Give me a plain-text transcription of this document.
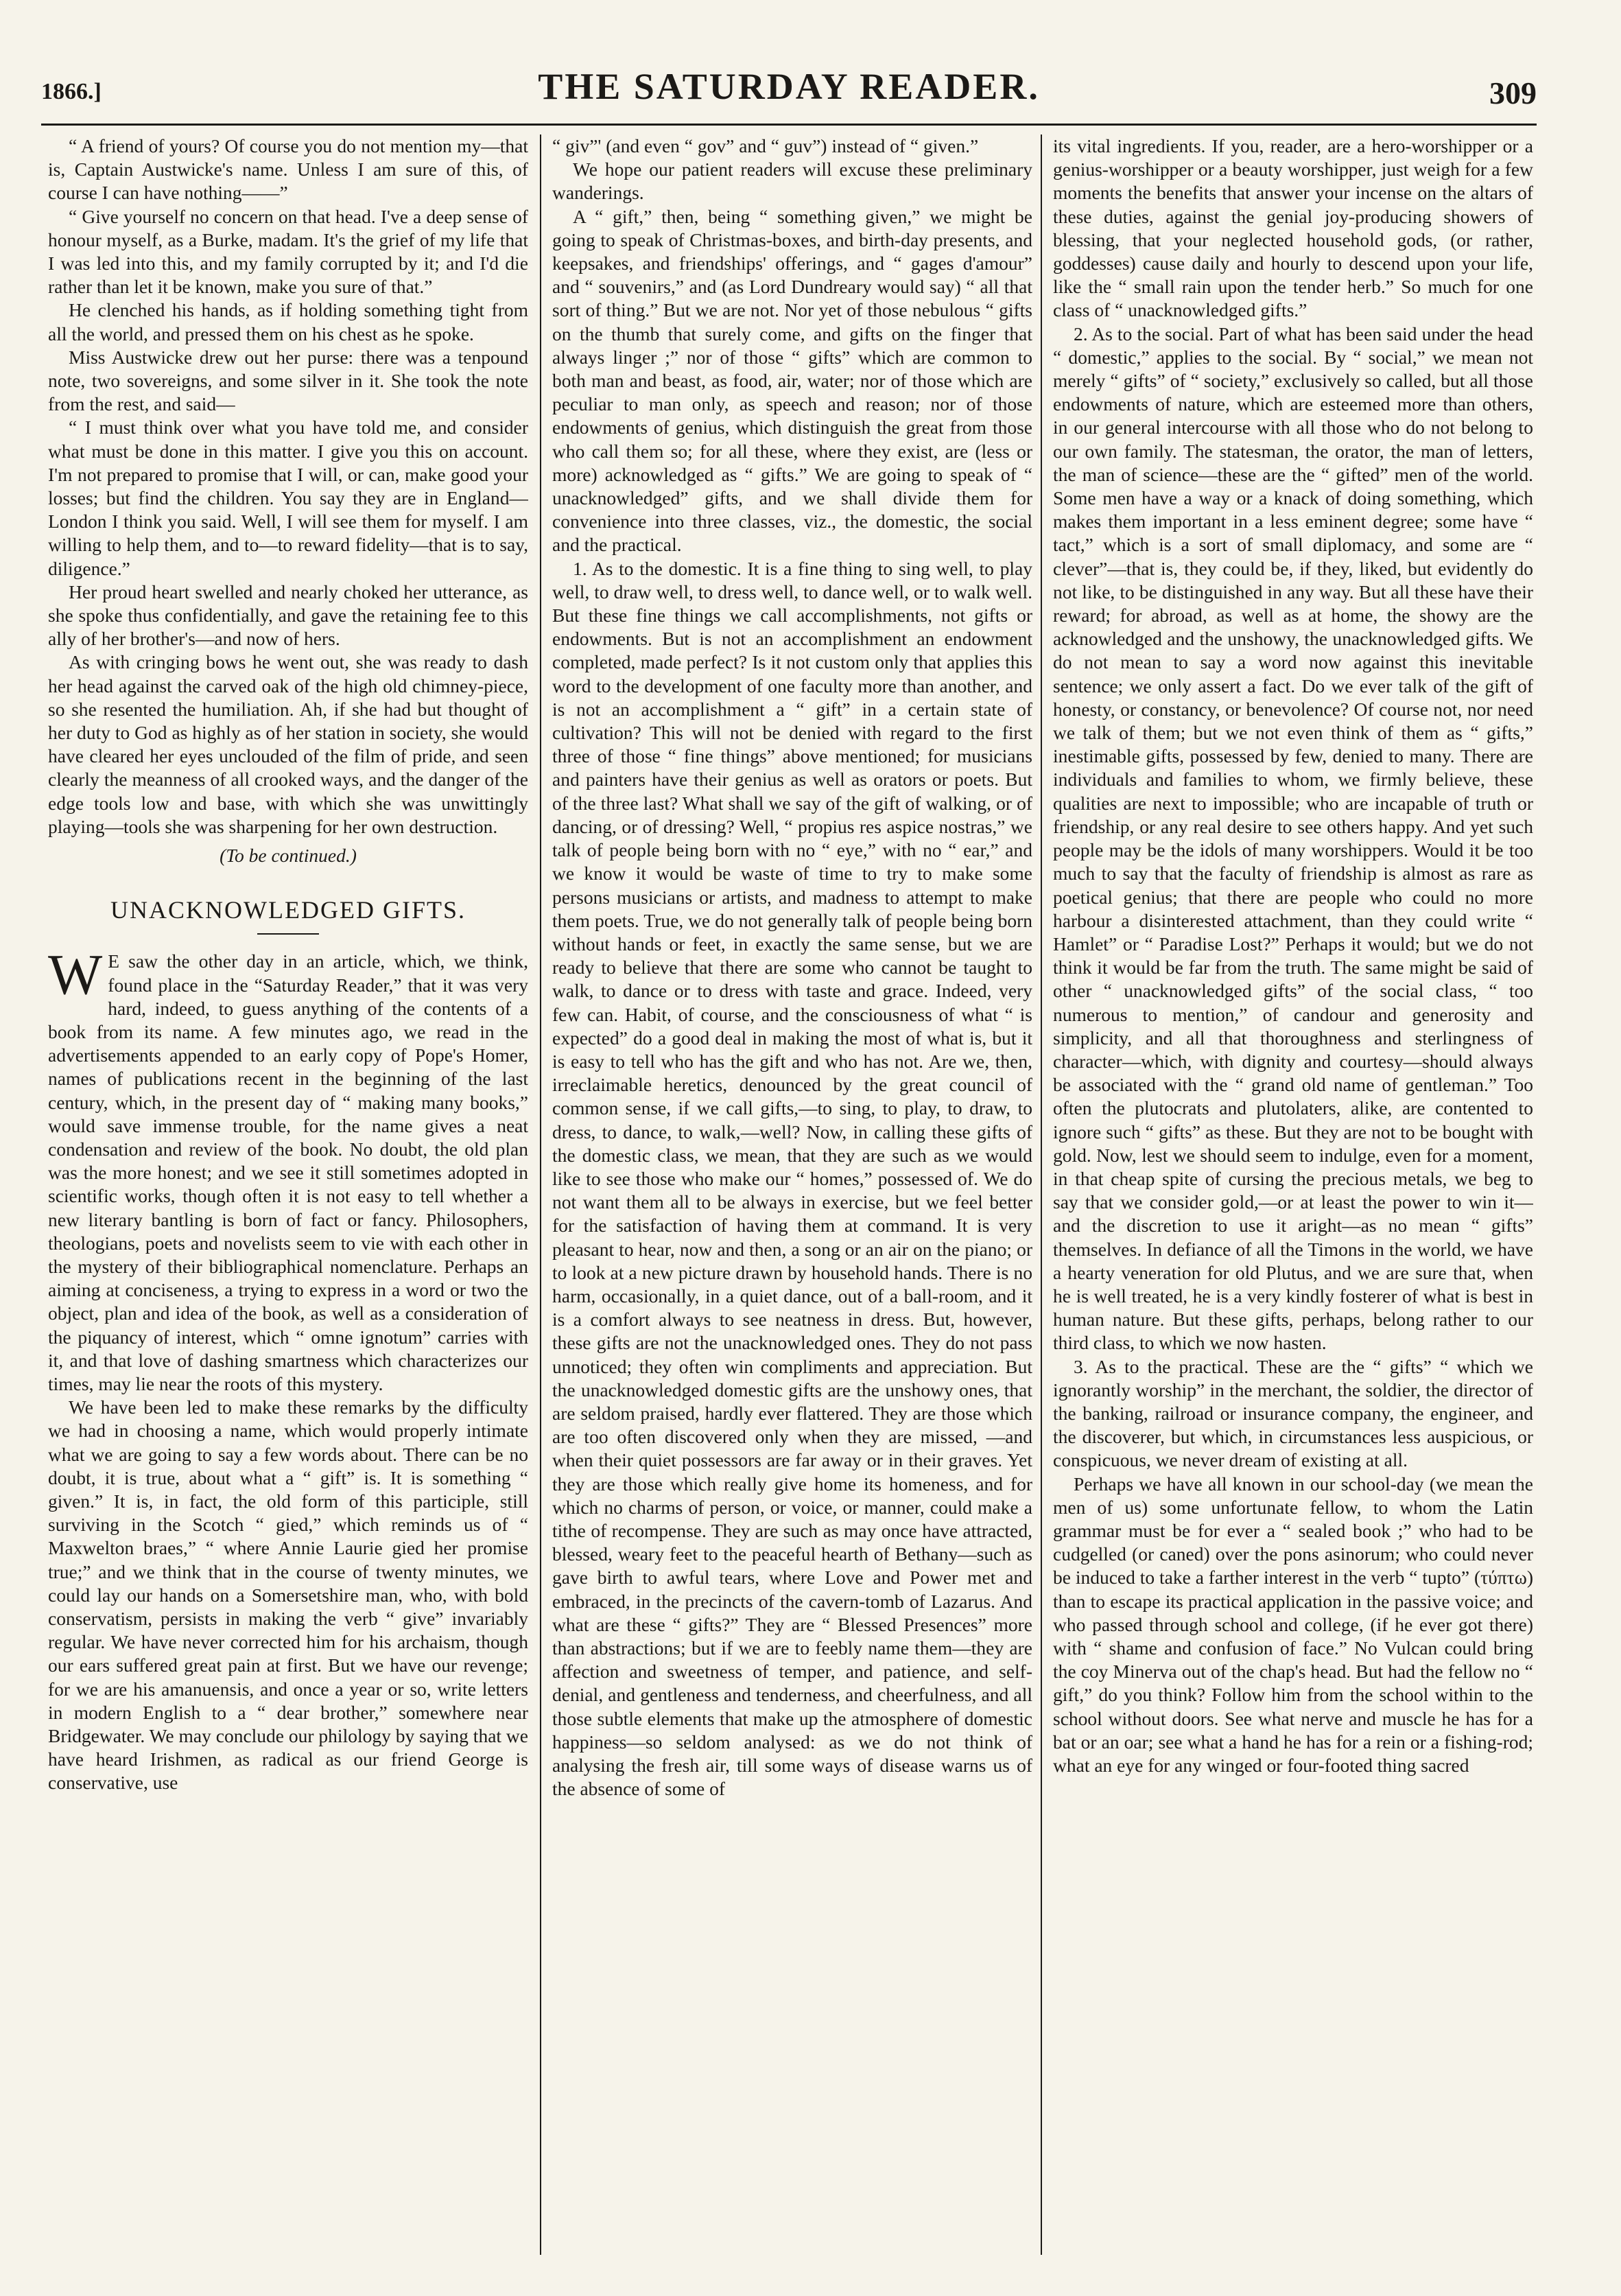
1866.]	THE SATURDAY READER.	309

“ A friend of yours? Of course you do not mention my—that is, Captain Austwicke's name. Unless I am sure of this, of course I can have nothing——”

“ Give yourself no concern on that head. I've a deep sense of honour myself, as a Burke, madam. It's the grief of my life that I was led into this, and my family corrupted by it; and I'd die rather than let it be known, make you sure of that.”

He clenched his hands, as if holding something tight from all the world, and pressed them on his chest as he spoke.

Miss Austwicke drew out her purse: there was a tenpound note, two sovereigns, and some silver in it. She took the note from the rest, and said—

“ I must think over what you have told me, and consider what must be done in this matter. I give you this on account. I'm not prepared to promise that I will, or can, make good your losses; but find the children. You say they are in England—London I think you said. Well, I will see them for myself. I am willing to help them, and to—to reward fidelity—that is to say, diligence.”

Her proud heart swelled and nearly choked her utterance, as she spoke thus confidentially, and gave the retaining fee to this ally of her brother's—and now of hers.

As with cringing bows he went out, she was ready to dash her head against the carved oak of the high old chimney-piece, so she resented the humiliation. Ah, if she had but thought of her duty to God as highly as of her station in society, she would have cleared her eyes unclouded of the film of pride, and seen clearly the meanness of all crooked ways, and the danger of the edge tools low and base, with which she was unwittingly playing—tools she was sharpening for her own destruction.

(To be continued.)

UNACKNOWLEDGED GIFTS.

W E saw the other day in an article, which, we think, found place in the “Saturday Reader,” that it was very hard, indeed, to guess anything of the contents of a book from its name. A few minutes ago, we read in the advertisements appended to an early copy of Pope's Homer, names of publications recent in the beginning of the last century, which, in the present day of “ making many books,” would save immense trouble, for the name gives a neat condensation and review of the book. No doubt, the old plan was the more honest; and we see it still sometimes adopted in scientific works, though often it is not easy to tell whether a new literary bantling is born of fact or fancy. Philosophers, theologians, poets and novelists seem to vie with each other in the mystery of their bibliographical nomenclature. Perhaps an aiming at conciseness, a trying to express in a word or two the object, plan and idea of the book, as well as a consideration of the piquancy of interest, which “ omne ignotum” carries with it, and that love of dashing smartness which characterizes our times, may lie near the roots of this mystery.

We have been led to make these remarks by the difficulty we had in choosing a name, which would properly intimate what we are going to say a few words about. There can be no doubt, it is true, about what a “ gift” is. It is something “ given.” It is, in fact, the old form of this participle, still surviving in the Scotch “ gied,” which reminds us of “ Maxwelton braes,” “ where Annie Laurie gied her promise true;” and we think that in the course of twenty minutes, we could lay our hands on a Somersetshire man, who, with bold conservatism, persists in making the verb “ give” invariably regular. We have never corrected him for his archaism, though our ears suffered great pain at first. But we have our revenge; for we are his amanuensis, and once a year or so, write letters in modern English to a “ dear brother,” somewhere near Bridgewater. We may conclude our philology by saying that we have heard Irishmen, as radical as our friend George is conservative, use

“ giv”' (and even “ gov” and “ guv”) instead of “ given.”

We hope our patient readers will excuse these preliminary wanderings.

A “ gift,” then, being “ something given,” we might be going to speak of Christmas-boxes, and birth-day presents, and keepsakes, and friendships' offerings, and “ gages d'amour” and “ souvenirs,” and (as Lord Dundreary would say) “ all that sort of thing.” But we are not. Nor yet of those nebulous “ gifts on the thumb that surely come, and gifts on the finger that always linger ;” nor of those “ gifts” which are common to both man and beast, as food, air, water; nor of those which are peculiar to man only, as speech and reason; nor of those endowments of genius, which distinguish the great from those who call them so; for all these, where they exist, are (less or more) acknowledged as “ gifts.” We are going to speak of “ unacknowledged” gifts, and we shall divide them for convenience into three classes, viz., the domestic, the social and the practical.

1. As to the domestic. It is a fine thing to sing well, to play well, to draw well, to dress well, to dance well, or to walk well. But these fine things we call accomplishments, not gifts or endowments. But is not an accomplishment an endowment completed, made perfect? Is it not custom only that applies this word to the development of one faculty more than another, and is not an accomplishment a “ gift” in a certain state of cultivation? This will not be denied with regard to the first three of those “ fine things” above mentioned; for musicians and painters have their genius as well as orators or poets. But of the three last? What shall we say of the gift of walking, or of dancing, or of dressing? Well, “ propius res aspice nostras,” we talk of people being born with no “ eye,” with no “ ear,” and we know it would be waste of time to try to make some persons musicians or artists, and madness to attempt to make them poets. True, we do not generally talk of people being born without hands or feet, in exactly the same sense, but we are ready to believe that there are some who cannot be taught to walk, to dance or to dress with taste and grace. Indeed, very few can. Habit, of course, and the consciousness of what “ is expected” do a good deal in making the most of what is, but it is easy to tell who has the gift and who has not. Are we, then, irreclaimable heretics, denounced by the great council of common sense, if we call gifts,—to sing, to play, to draw, to dress, to dance, to walk,—well? Now, in calling these gifts of the domestic class, we mean, that they are such as we would like to see those who make our “ homes,” possessed of. We do not want them all to be always in exercise, but we feel better for the satisfaction of having them at command. It is very pleasant to hear, now and then, a song or an air on the piano; or to look at a new picture drawn by household hands. There is no harm, occasionally, in a quiet dance, out of a ball-room, and it is a comfort always to see neatness in dress. But, however, these gifts are not the unacknowledged ones. They do not pass unnoticed; they often win compliments and appreciation. But the unacknowledged domestic gifts are the unshowy ones, that are seldom praised, hardly ever flattered. They are those which are too often discovered only when they are missed, —and when their quiet possessors are far away or in their graves. Yet they are those which really give home its homeness, and for which no charms of person, or voice, or manner, could make a tithe of recompense. They are such as may once have attracted, blessed, weary feet to the peaceful hearth of Bethany—such as gave birth to awful tears, where Love and Power met and embraced, in the precincts of the cavern-tomb of Lazarus. And what are these “ gifts?” They are “ Blessed Presences” more than abstractions; but if we are to feebly name them—they are affection and sweetness of temper, and patience, and self-denial, and gentleness and tenderness, and cheerfulness, and all those subtle elements that make up the atmosphere of domestic happiness—so seldom analysed: as we do not think of analysing the fresh air, till some ways of disease warns us of the absence of some of

its vital ingredients. If you, reader, are a hero-worshipper or a genius-worshipper or a beauty worshipper, just weigh for a few moments the benefits that answer your incense on the altars of these duties, against the genial joy-producing showers of blessing, that your neglected household gods, (or rather, goddesses) cause daily and hourly to descend upon your life, like the “ small rain upon the tender herb.” So much for one class of “ unacknowledged gifts.”

2. As to the social. Part of what has been said under the head “ domestic,” applies to the social. By “ social,” we mean not merely “ gifts” of “ society,” exclusively so called, but all those endowments of nature, which are esteemed more than others, in our general intercourse with all those who do not belong to our own family. The statesman, the orator, the man of letters, the man of science—these are the “ gifted” men of the world. Some men have a way or a knack of doing something, which makes them important in a less eminent degree; some have “ tact,” which is a sort of small diplomacy, and some are “ clever”—that is, they could be, if they, liked, but evidently do not like, to be distinguished in any way. But all these have their reward; for abroad, as well as at home, the showy are the acknowledged and the unshowy, the unacknowledged gifts. We do not mean to say a word now against this inevitable sentence; we only assert a fact. Do we ever talk of the gift of honesty, or constancy, or benevolence? Of course not, nor need we talk of them; but we not even think of them as “ gifts,” inestimable gifts, possessed by few, denied to many. There are individuals and families to whom, we firmly believe, these qualities are next to impossible; who are incapable of truth or friendship, or any real desire to see others happy. And yet such people may be the idols of many worshippers. Would it be too much to say that the faculty of friendship is almost as rare as poetical genius; that there are people who could no more harbour a disinterested attachment, than they could write “ Hamlet” or “ Paradise Lost?” Perhaps it would; but we do not think it would be far from the truth. The same might be said of other “ unacknowledged gifts” of the social class, “ too numerous to mention,” of candour and generosity and simplicity, and all that thoroughness and sterlingness of character—which, with dignity and courtesy—should always be associated with the “ grand old name of gentleman.” Too often the plutocrats and plutolaters, alike, are contented to ignore such “ gifts” as these. But they are not to be bought with gold. Now, lest we should seem to indulge, even for a moment, in that cheap spite of cursing the precious metals, we beg to say that we consider gold,—or at least the power to win it—and the discretion to use it aright—as no mean “ gifts” themselves. In defiance of all the Timons in the world, we have a hearty veneration for old Plutus, and we are sure that, when he is well treated, he is a very kindly fosterer of what is best in human nature. But these gifts, perhaps, belong rather to our third class, to which we now hasten.

3. As to the practical. These are the “ gifts” “ which we ignorantly worship” in the merchant, the soldier, the director of the banking, railroad or insurance company, the engineer, and the discoverer, but which, in circumstances less auspicious, or conspicuous, we never dream of existing at all.

Perhaps we have all known in our school-day (we mean the men of us) some unfortunate fellow, to whom the Latin grammar must be for ever a “ sealed book ;” who had to be cudgelled (or caned) over the pons asinorum; who could never be induced to take a farther interest in the verb “ tupto” (τύπτω) than to escape its practical application in the passive voice; and who passed through school and college, (if he ever got there) with “ shame and confusion of face.” No Vulcan could bring the coy Minerva out of the chap's head. But had the fellow no “ gift,” do you think? Follow him from the school within to the school without doors. See what nerve and muscle he has for a bat or an oar; see what a hand he has for a rein or a fishing-rod; what an eye for any winged or four-footed thing sacred
